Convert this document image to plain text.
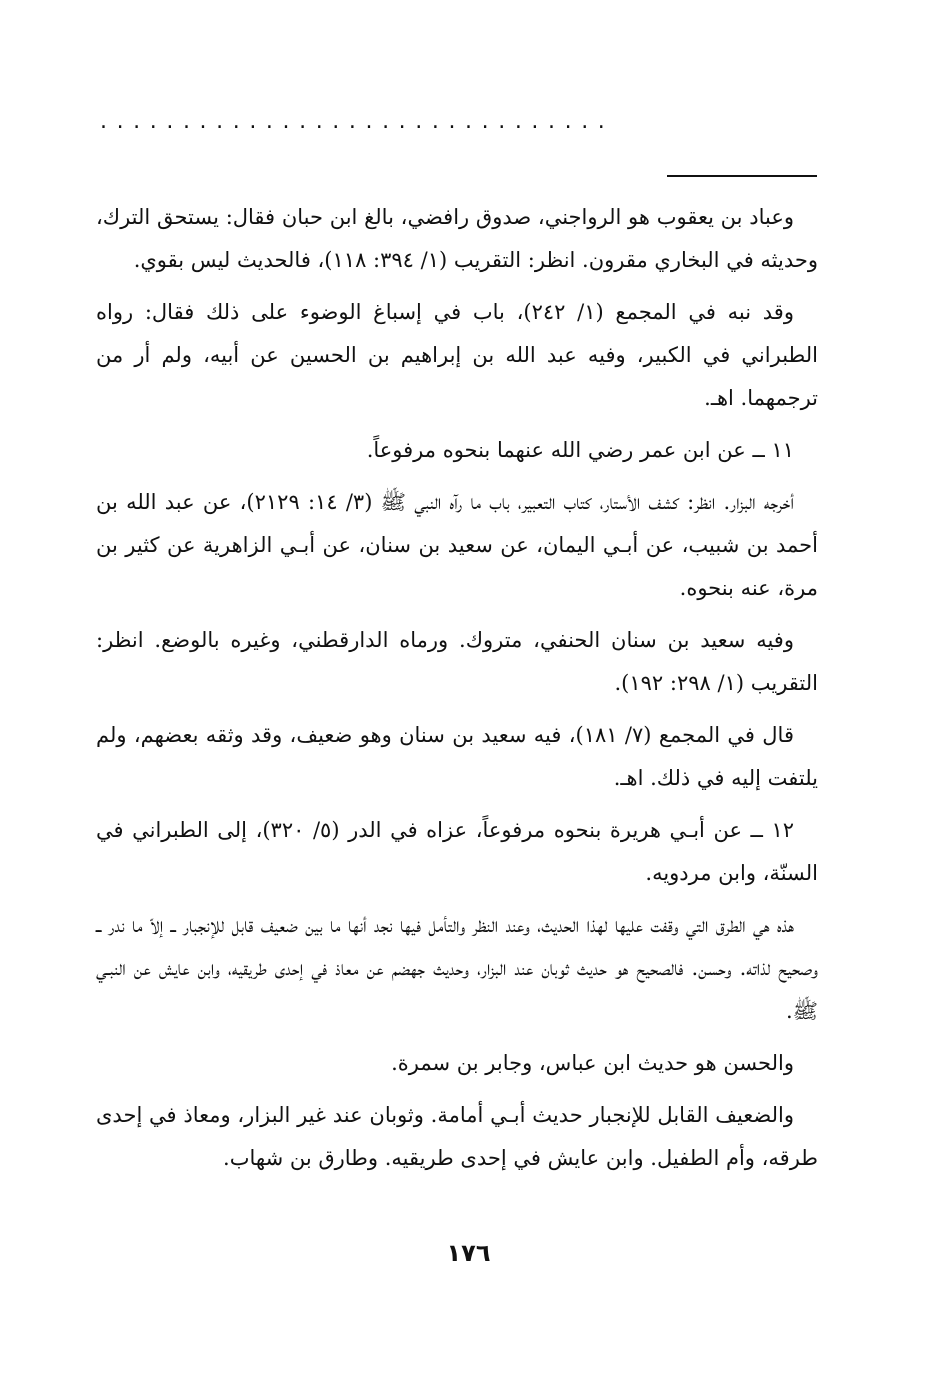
...............................

وعباد بن يعقوب هو الرواجني، صدوق رافضي، بالغ ابن حبان فقال: يستحق الترك، وحديثه في البخاري مقرون. انظر: التقريب (١/ ٣٩٤: ١١٨)، فالحديث ليس بقوي.

وقد نبه في المجمع (١/ ٢٤٢)، باب في إسباغ الوضوء على ذلك فقال: رواه الطبراني في الكبير، وفيه عبد الله بن إبراهيم بن الحسين عن أبيه، ولم أر من ترجمهما. اهـ.

١١ ــ عن ابن عمر رضي الله عنهما بنحوه مرفوعاً.

أخرجه البزار. انظر: كشف الأستار، كتاب التعبير، باب ما رآه النبي ﷺ (٣/ ١٤: ٢١٢٩)، عن عبد الله بن أحمد بن شبيب، عن أبـي اليمان، عن سعيد بن سنان، عن أبـي الزاهرية عن كثير بن مرة، عنه بنحوه.

وفيه سعيد بن سنان الحنفي، متروك. ورماه الدارقطني، وغيره بالوضع. انظر: التقريب (١/ ٢٩٨: ١٩٢).

قال في المجمع (٧/ ١٨١)، فيه سعيد بن سنان وهو ضعيف، وقد وثقه بعضهم، ولم يلتفت إليه في ذلك. اهـ.

١٢ ــ عن أبـي هريرة بنحوه مرفوعاً، عزاه في الدر (٥/ ٣٢٠)، إلى الطبراني في السنّة، وابن مردويه.

هذه هي الطرق التي وقفت عليها لهذا الحديث، وعند النظر والتأمل فيها نجد أنها ما بين ضعيف قابل للإنجبار ــ إلاّ ما ندر ــ وصحيح لذاته. وحسن. فالصحيح هو حديث ثوبان عند البزار، وحديث جهضم عن معاذ في إحدى طريقيه، وابن عايش عن النبـي ﷺ.

والحسن هو حديث ابن عباس، وجابر بن سمرة.

والضعيف القابل للإنجبار حديث أبـي أمامة. وثوبان عند غير البزار، ومعاذ في إحدى طرقه، وأم الطفيل. وابن عايش في إحدى طريقيه. وطارق بن شهاب.

١٧٦
